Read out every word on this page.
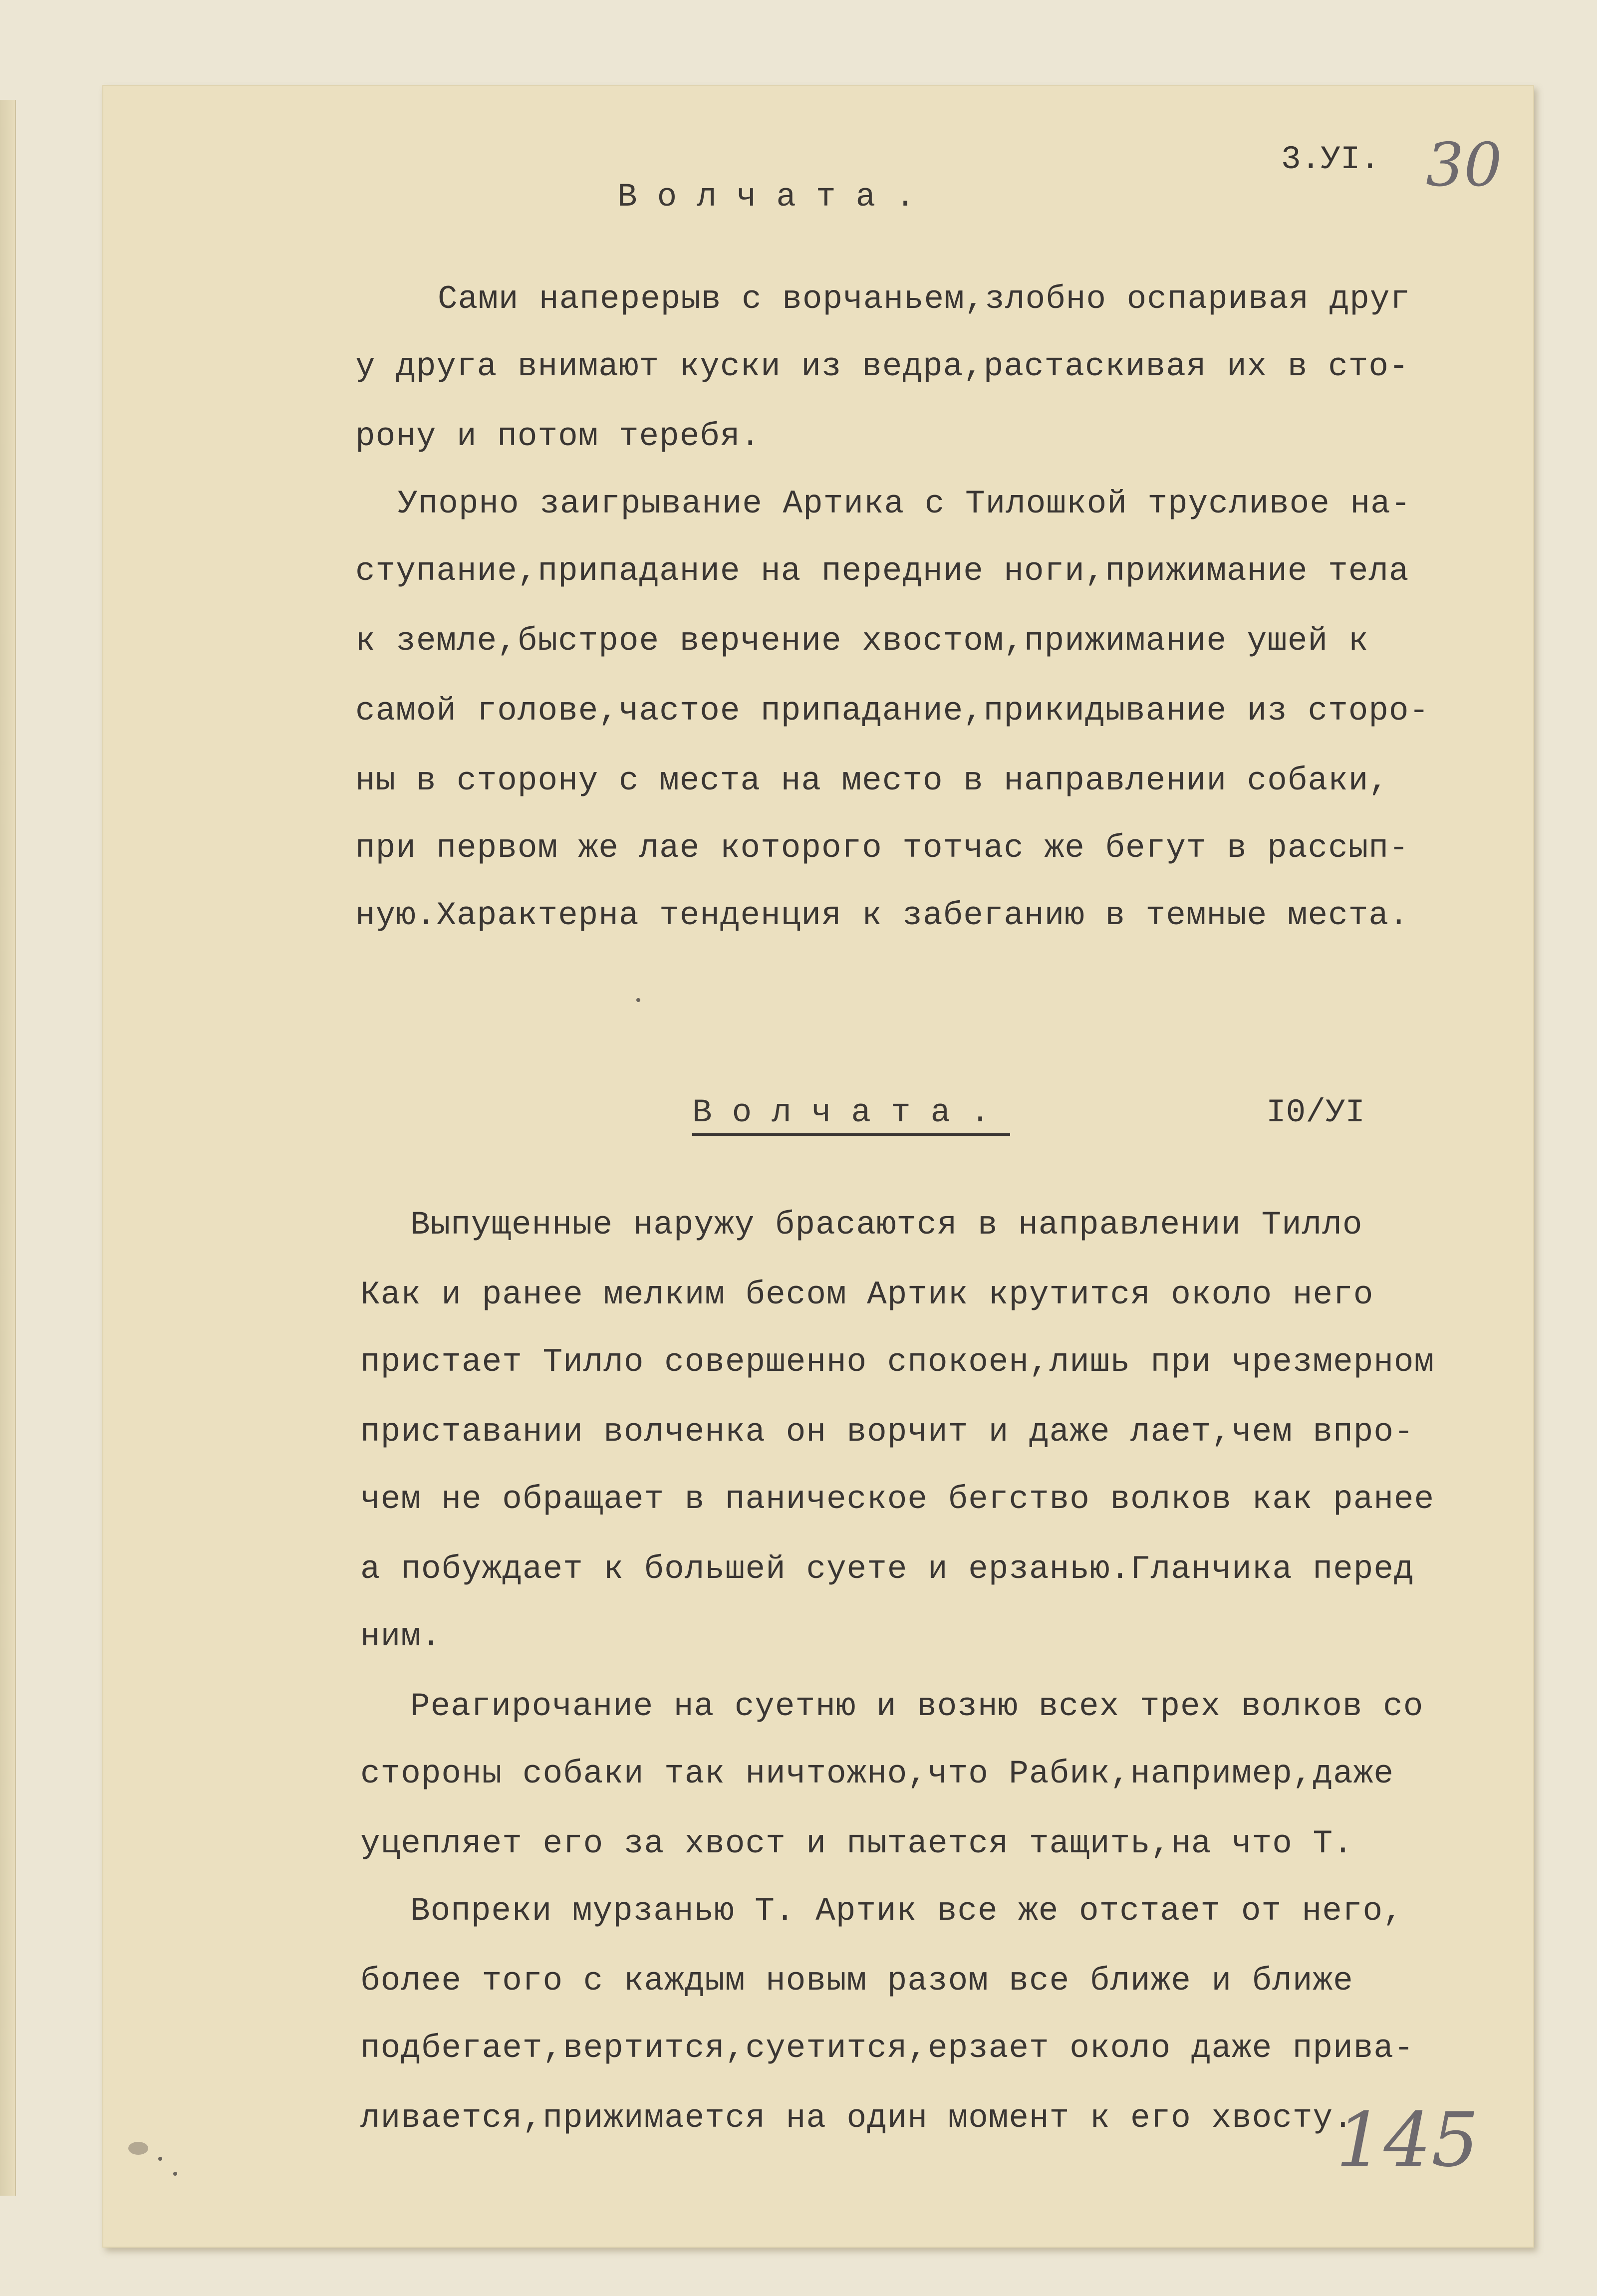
30
3.УI.
Волчата.
Сами наперерыв с ворчаньем,злобно оспаривая друг
у друга внимают куски из ведра,растаскивая их в сто-
рону и потом теребя.
Упорно заигрывание Артика с Тилошкой трусливое на-
ступание,припадание на передние ноги,прижимание тела
к земле,быстрое верчение хвостом,прижимание ушей к
самой голове,частое припадание,прикидывание из сторо-
ны в сторону с места на место в направлении собаки,
при первом же лае которого тотчас же бегут в рассып-
ную.Характерна тенденция к забеганию в темные места.
Волчата.	I0/УI
Выпущенные наружу брасаются в направлении Тилло
Как и ранее мелким бесом Артик крутится около него
пристает Тилло совершенно спокоен,лишь при чрезмерном
приставании волченка он ворчит и даже лает,чем впро-
чем не обращает в паническое бегство волков как ранее
а побуждает к большей суете и ерзанью.Гланчика перед
ним.
Реагирочание на суетню и возню всех трех волков со
стороны собаки так ничтожно,что Рабик,например,даже
уцепляет его за хвост и пытается тащить,на что Т.
Вопреки мурзанью Т. Артик все же отстает от него,
более того с каждым новым разом все ближе и ближе
подбегает,вертится,суетится,ерзает около даже прива-
ливается,прижимается на один момент к его хвосту.
145
